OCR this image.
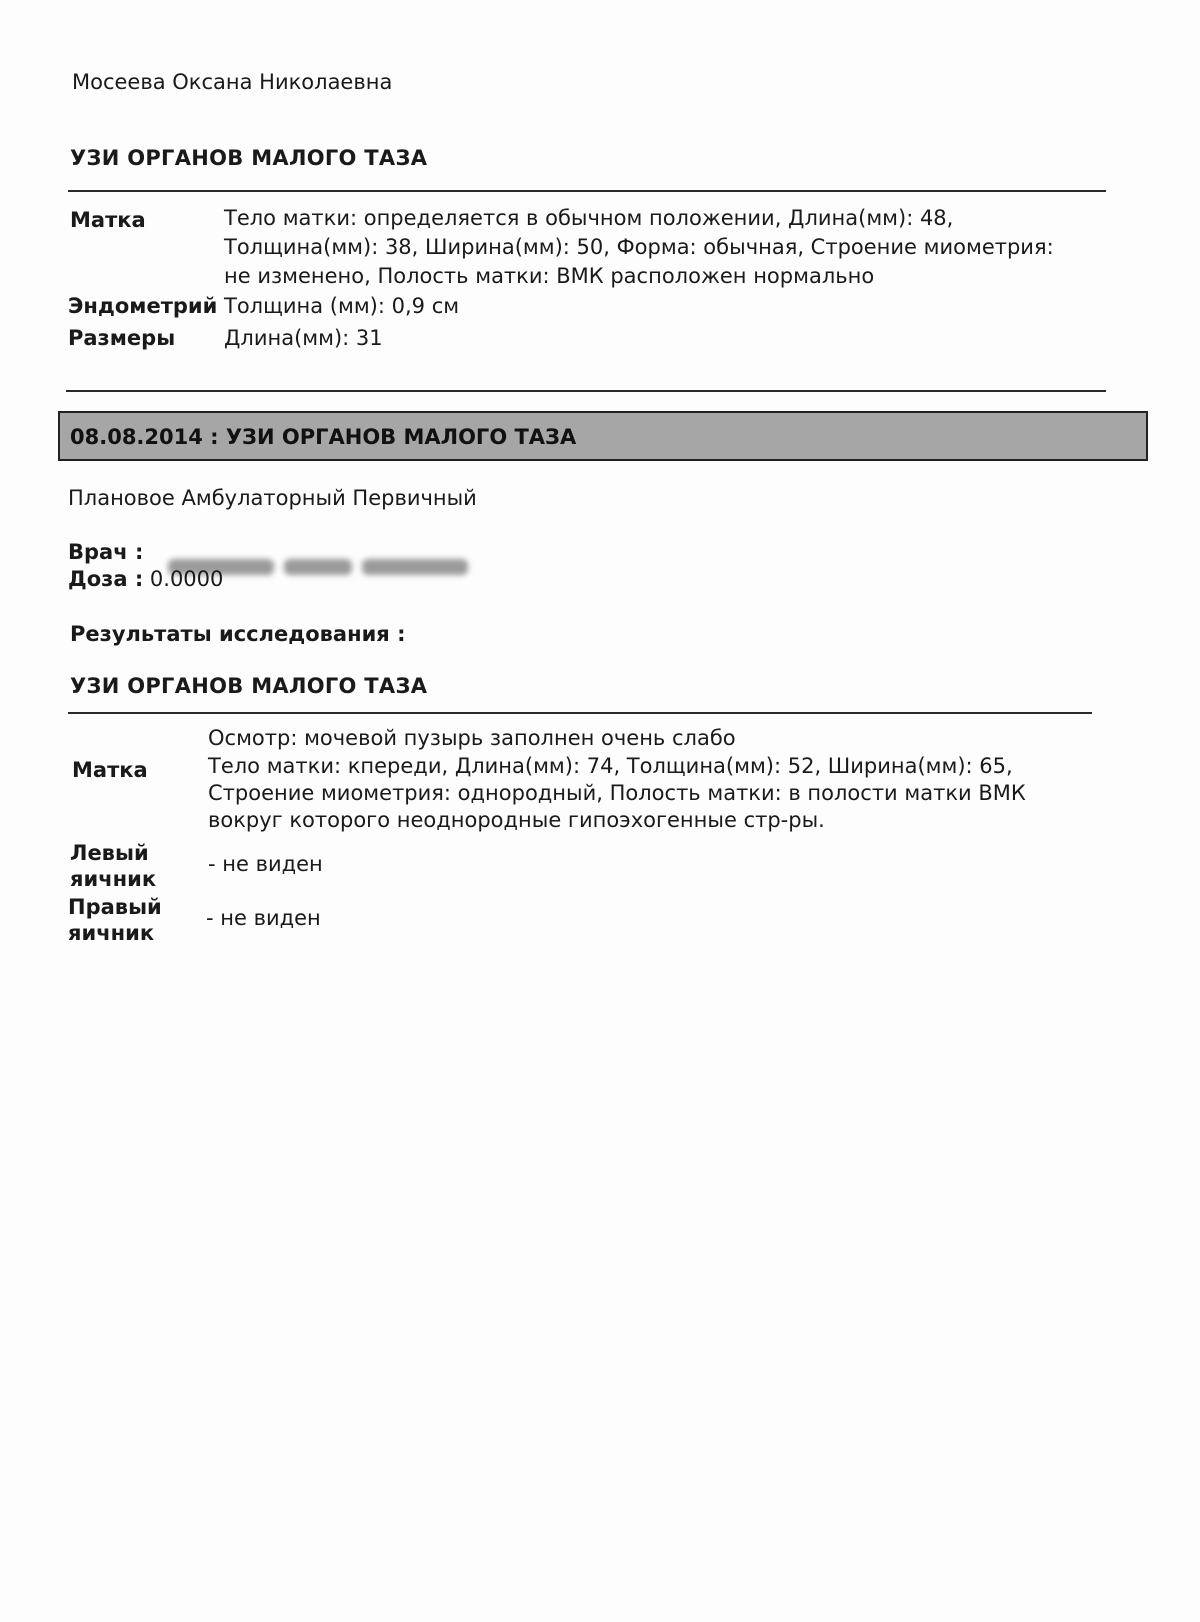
Мосеева Оксана Николаевна
УЗИ ОРГАНОВ МАЛОГО ТАЗА
Матка	Тело матки: определяется в обычном положении, Длина(мм): 48,
Толщина(мм): 38, Ширина(мм): 50, Форма: обычная, Строение миометрия:
не изменено, Полость матки: ВМК расположен нормально
Эндометрий Толщина (мм): 0,9 см
Размеры Длина(мм): 31
08.08.2014 : УЗИ ОРГАНОВ МАЛОГО ТАЗА
Плановое Амбулаторный Первичный
Врач :
Доза : 0.0000
Результаты исследования :
УЗИ ОРГАНОВ МАЛОГО ТАЗА
Осмотр: мочевой пузырь заполнен очень слабо
Матка	Тело матки: кпереди, Длина(мм): 74, Толщина(мм): 52, Ширина(мм): 65,
Строение миометрия: однородный, Полость матки: в полости матки ВМК
вокруг которого неоднородные гипоэхогенные стр-ры.
Левый
яичник
- не виден
Правый
яичник
- не виден
